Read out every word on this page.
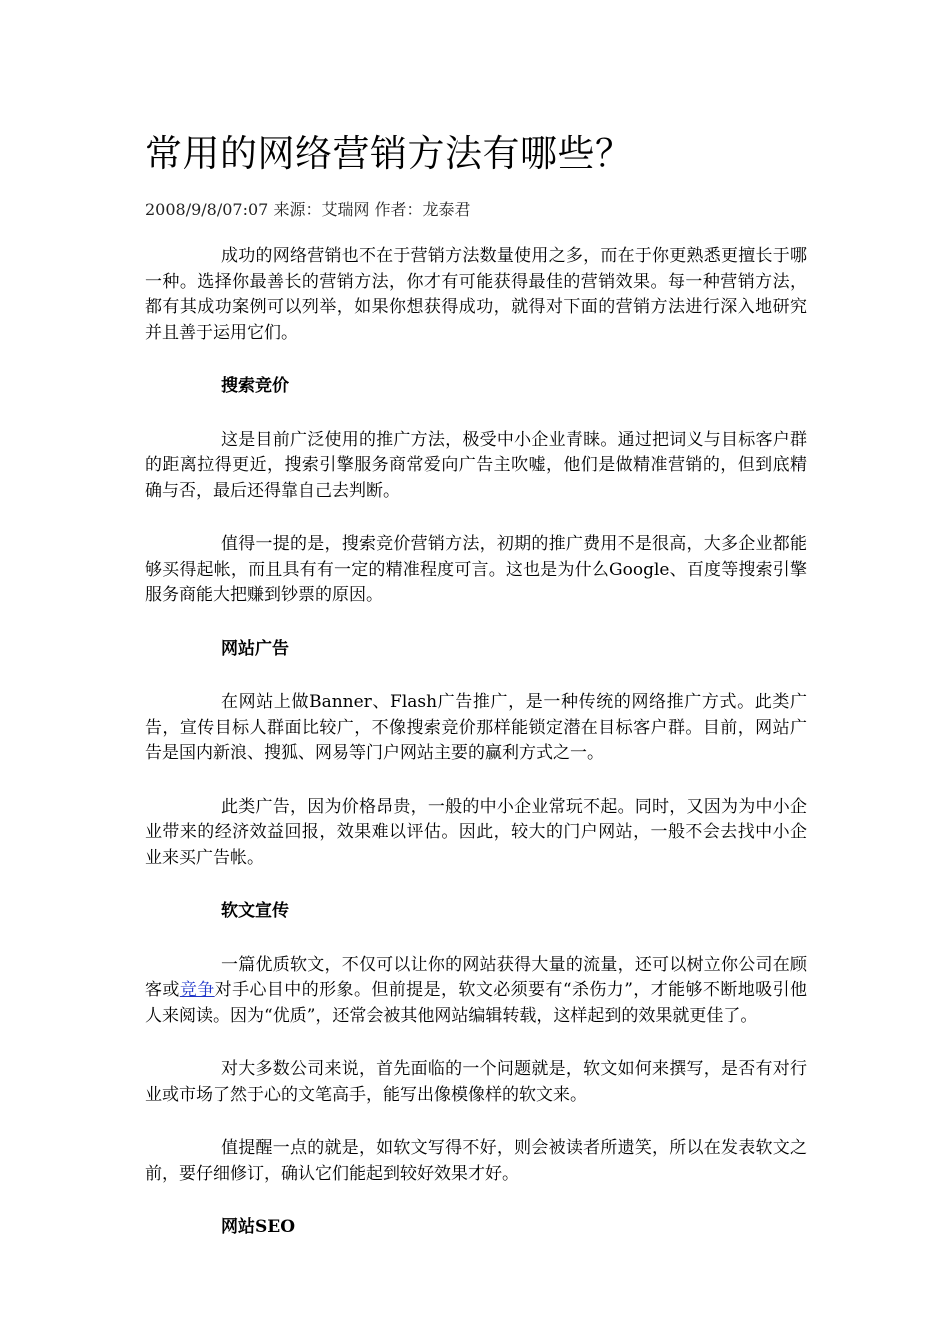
常用的网络营销方法有哪些？
2008/9/8/07:07 来源：艾瑞网 作者：龙泰君

成功的网络营销也不在于营销方法数量使用之多，而在于你更熟悉更擅长于哪一种。选择你最善长的营销方法，你才有可能获得最佳的营销效果。每一种营销方法，都有其成功案例可以列举，如果你想获得成功，就得对下面的营销方法进行深入地研究并且善于运用它们。

搜索竞价

这是目前广泛使用的推广方法，极受中小企业青睐。通过把词义与目标客户群的距离拉得更近，搜索引擎服务商常爱向广告主吹嘘，他们是做精准营销的，但到底精确与否，最后还得靠自己去判断。

值得一提的是，搜索竞价营销方法，初期的推广费用不是很高，大多企业都能够买得起帐，而且具有有一定的精准程度可言。这也是为什么Google、百度等搜索引擎服务商能大把赚到钞票的原因。

网站广告

在网站上做Banner、Flash广告推广，是一种传统的网络推广方式。此类广告，宣传目标人群面比较广，不像搜索竞价那样能锁定潜在目标客户群。目前，网站广告是国内新浪、搜狐、网易等门户网站主要的赢利方式之一。

此类广告，因为价格昂贵，一般的中小企业常玩不起。同时，又因为为中小企业带来的经济效益回报，效果难以评估。因此，较大的门户网站，一般不会去找中小企业来买广告帐。

软文宣传

一篇优质软文，不仅可以让你的网站获得大量的流量，还可以树立你公司在顾客或竞争对手心目中的形象。但前提是，软文必须要有“杀伤力”，才能够不断地吸引他人来阅读。因为“优质”，还常会被其他网站编辑转载，这样起到的效果就更佳了。

对大多数公司来说，首先面临的一个问题就是，软文如何来撰写，是否有对行业或市场了然于心的文笔高手，能写出像模像样的软文来。

值提醒一点的就是，如软文写得不好，则会被读者所遗笑，所以在发表软文之前，要仔细修订，确认它们能起到较好效果才好。

网站SEO
